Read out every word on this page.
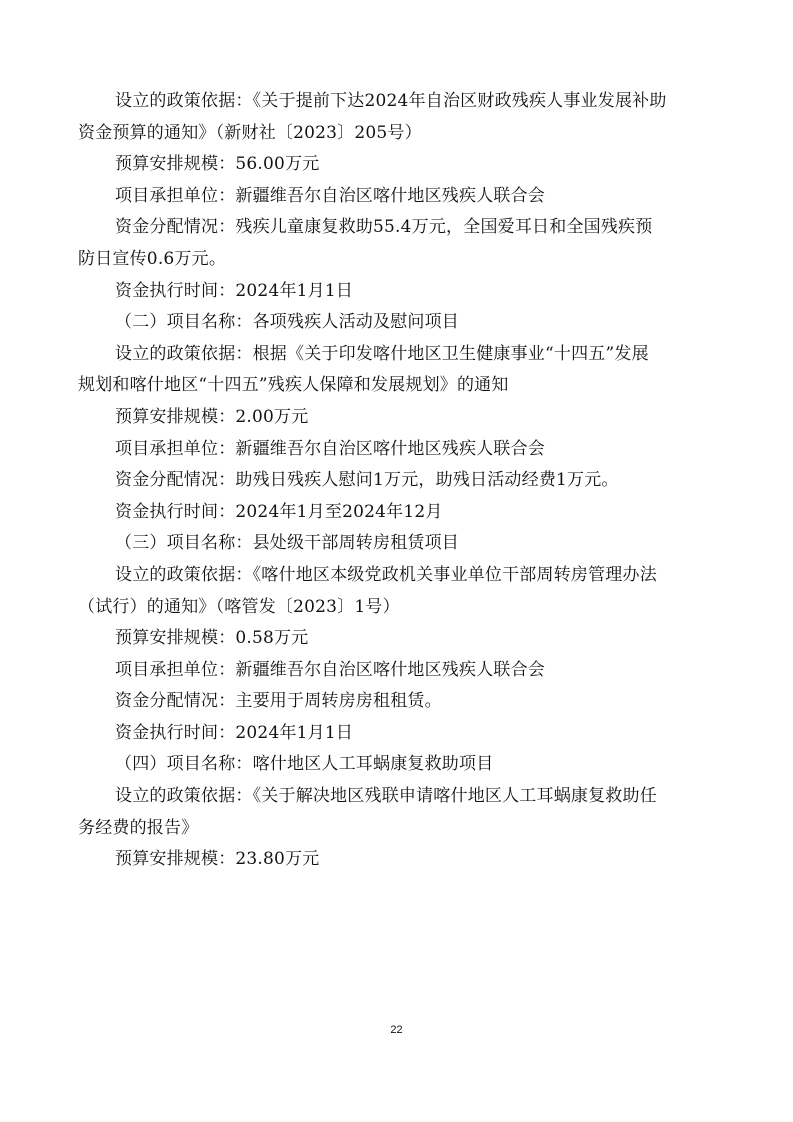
设立的政策依据：《关于提前下达2024年自治区财政残疾人事业发展补助
资金预算的通知》（新财社〔2023〕205号）
预算安排规模：56.00万元
项目承担单位：新疆维吾尔自治区喀什地区残疾人联合会
资金分配情况：残疾儿童康复救助55.4万元，全国爱耳日和全国残疾预
防日宣传0.6万元。
资金执行时间：2024年1月1日
（二）项目名称：各项残疾人活动及慰问项目
设立的政策依据：根据《关于印发喀什地区卫生健康事业“十四五”发展
规划和喀什地区“十四五”残疾人保障和发展规划》的通知
预算安排规模：2.00万元
项目承担单位：新疆维吾尔自治区喀什地区残疾人联合会
资金分配情况：助残日残疾人慰问1万元，助残日活动经费1万元。
资金执行时间：2024年1月至2024年12月
（三）项目名称：县处级干部周转房租赁项目
设立的政策依据：《喀什地区本级党政机关事业单位干部周转房管理办法
（试行）的通知》（喀管发〔2023〕1号）
预算安排规模：0.58万元
项目承担单位：新疆维吾尔自治区喀什地区残疾人联合会
资金分配情况：主要用于周转房房租租赁。
资金执行时间：2024年1月1日
（四）项目名称：喀什地区人工耳蜗康复救助项目
设立的政策依据：《关于解决地区残联申请喀什地区人工耳蜗康复救助任
务经费的报告》
预算安排规模：23.80万元
22
